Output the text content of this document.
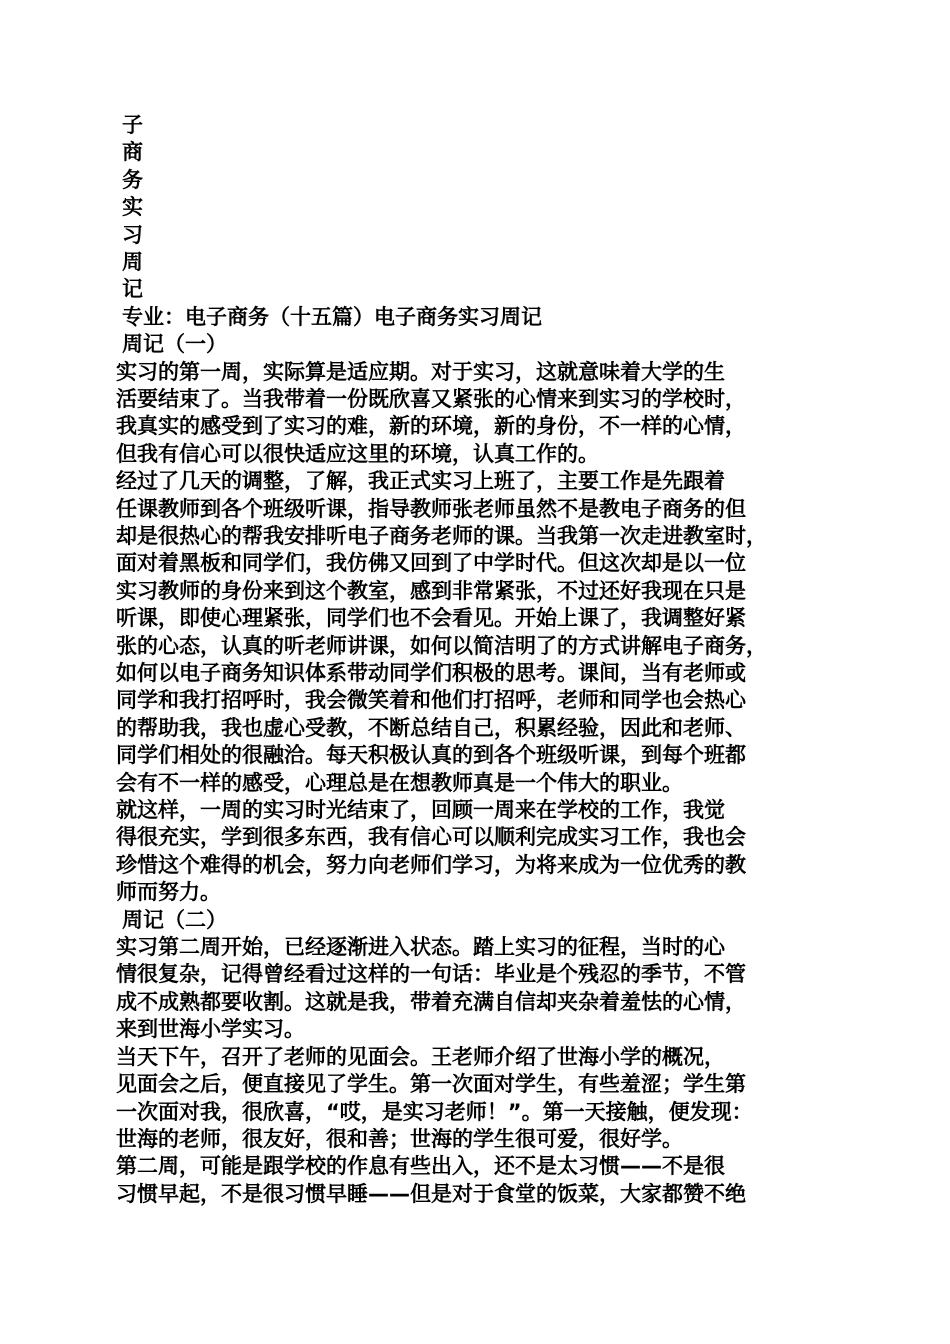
子
商
务
实
习
周
记
专业：电子商务（十五篇）电子商务实习周记
周记（一）
实习的第一周，实际算是适应期。对于实习，这就意味着大学的生
活要结束了。当我带着一份既欣喜又紧张的心情来到实习的学校时，
我真实的感受到了实习的难，新的环境，新的身份，不一样的心情，
但我有信心可以很快适应这里的环境，认真工作的。
经过了几天的调整，了解，我正式实习上班了，主要工作是先跟着
任课教师到各个班级听课，指导教师张老师虽然不是教电子商务的但
却是很热心的帮我安排听电子商务老师的课。当我第一次走进教室时，
面对着黑板和同学们，我仿佛又回到了中学时代。但这次却是以一位
实习教师的身份来到这个教室，感到非常紧张，不过还好我现在只是
听课，即使心理紧张，同学们也不会看见。开始上课了，我调整好紧
张的心态，认真的听老师讲课，如何以简洁明了的方式讲解电子商务，
如何以电子商务知识体系带动同学们积极的思考。课间，当有老师或
同学和我打招呼时，我会微笑着和他们打招呼，老师和同学也会热心
的帮助我，我也虚心受教，不断总结自己，积累经验，因此和老师、
同学们相处的很融洽。每天积极认真的到各个班级听课，到每个班都
会有不一样的感受，心理总是在想教师真是一个伟大的职业。
就这样，一周的实习时光结束了，回顾一周来在学校的工作，我觉
得很充实，学到很多东西，我有信心可以顺利完成实习工作，我也会
珍惜这个难得的机会，努力向老师们学习，为将来成为一位优秀的教
师而努力。
周记（二）
实习第二周开始，已经逐渐进入状态。踏上实习的征程，当时的心
情很复杂，记得曾经看过这样的一句话：毕业是个残忍的季节，不管
成不成熟都要收割。这就是我，带着充满自信却夹杂着羞怯的心情，
来到世海小学实习。
当天下午，召开了老师的见面会。王老师介绍了世海小学的概况，
见面会之后，便直接见了学生。第一次面对学生，有些羞涩；学生第
一次面对我，很欣喜，“哎，是实习老师！”。第一天接触，便发现：
世海的老师，很友好，很和善；世海的学生很可爱，很好学。
第二周，可能是跟学校的作息有些出入，还不是太习惯——不是很
习惯早起，不是很习惯早睡——但是对于食堂的饭菜，大家都赞不绝
